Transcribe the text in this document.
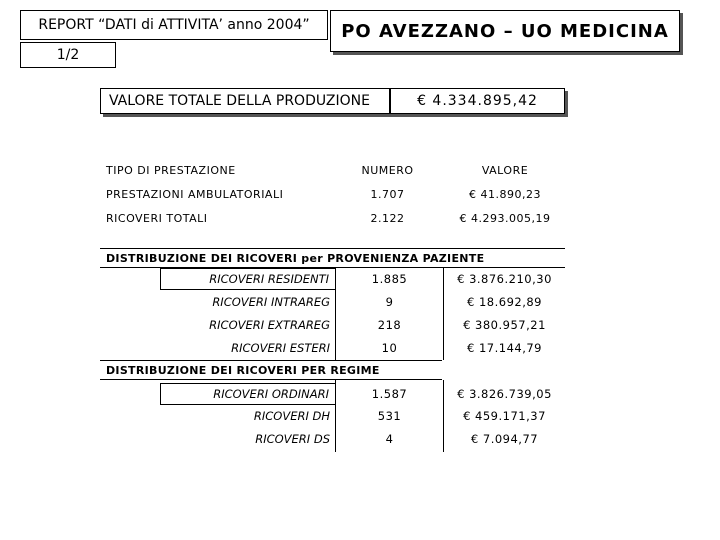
REPORT “DATI di ATTIVITA’ anno 2004”	PO AVEZZANO – UO MEDICINA
1/2
VALORE TOTALE DELLA PRODUZIONE	€ 4.334.895,42
TIPO DI PRESTAZIONE	NUMERO	VALORE
PRESTAZIONI AMBULATORIALI	1.707	€ 41.890,23
RICOVERI TOTALI	2.122	€ 4.293.005,19
DISTRIBUZIONE DEI RICOVERI per PROVENIENZA PAZIENTE
RICOVERI RESIDENTI	1.885	€ 3.876.210,30
RICOVERI INTRAREG	9	€ 18.692,89
RICOVERI EXTRAREG	218	€ 380.957,21
RICOVERI ESTERI	10	€ 17.144,79
DISTRIBUZIONE DEI RICOVERI PER REGIME
RICOVERI ORDINARI	1.587	€ 3.826.739,05
RICOVERI DH	531	€ 459.171,37
RICOVERI DS	4	€ 7.094,77
